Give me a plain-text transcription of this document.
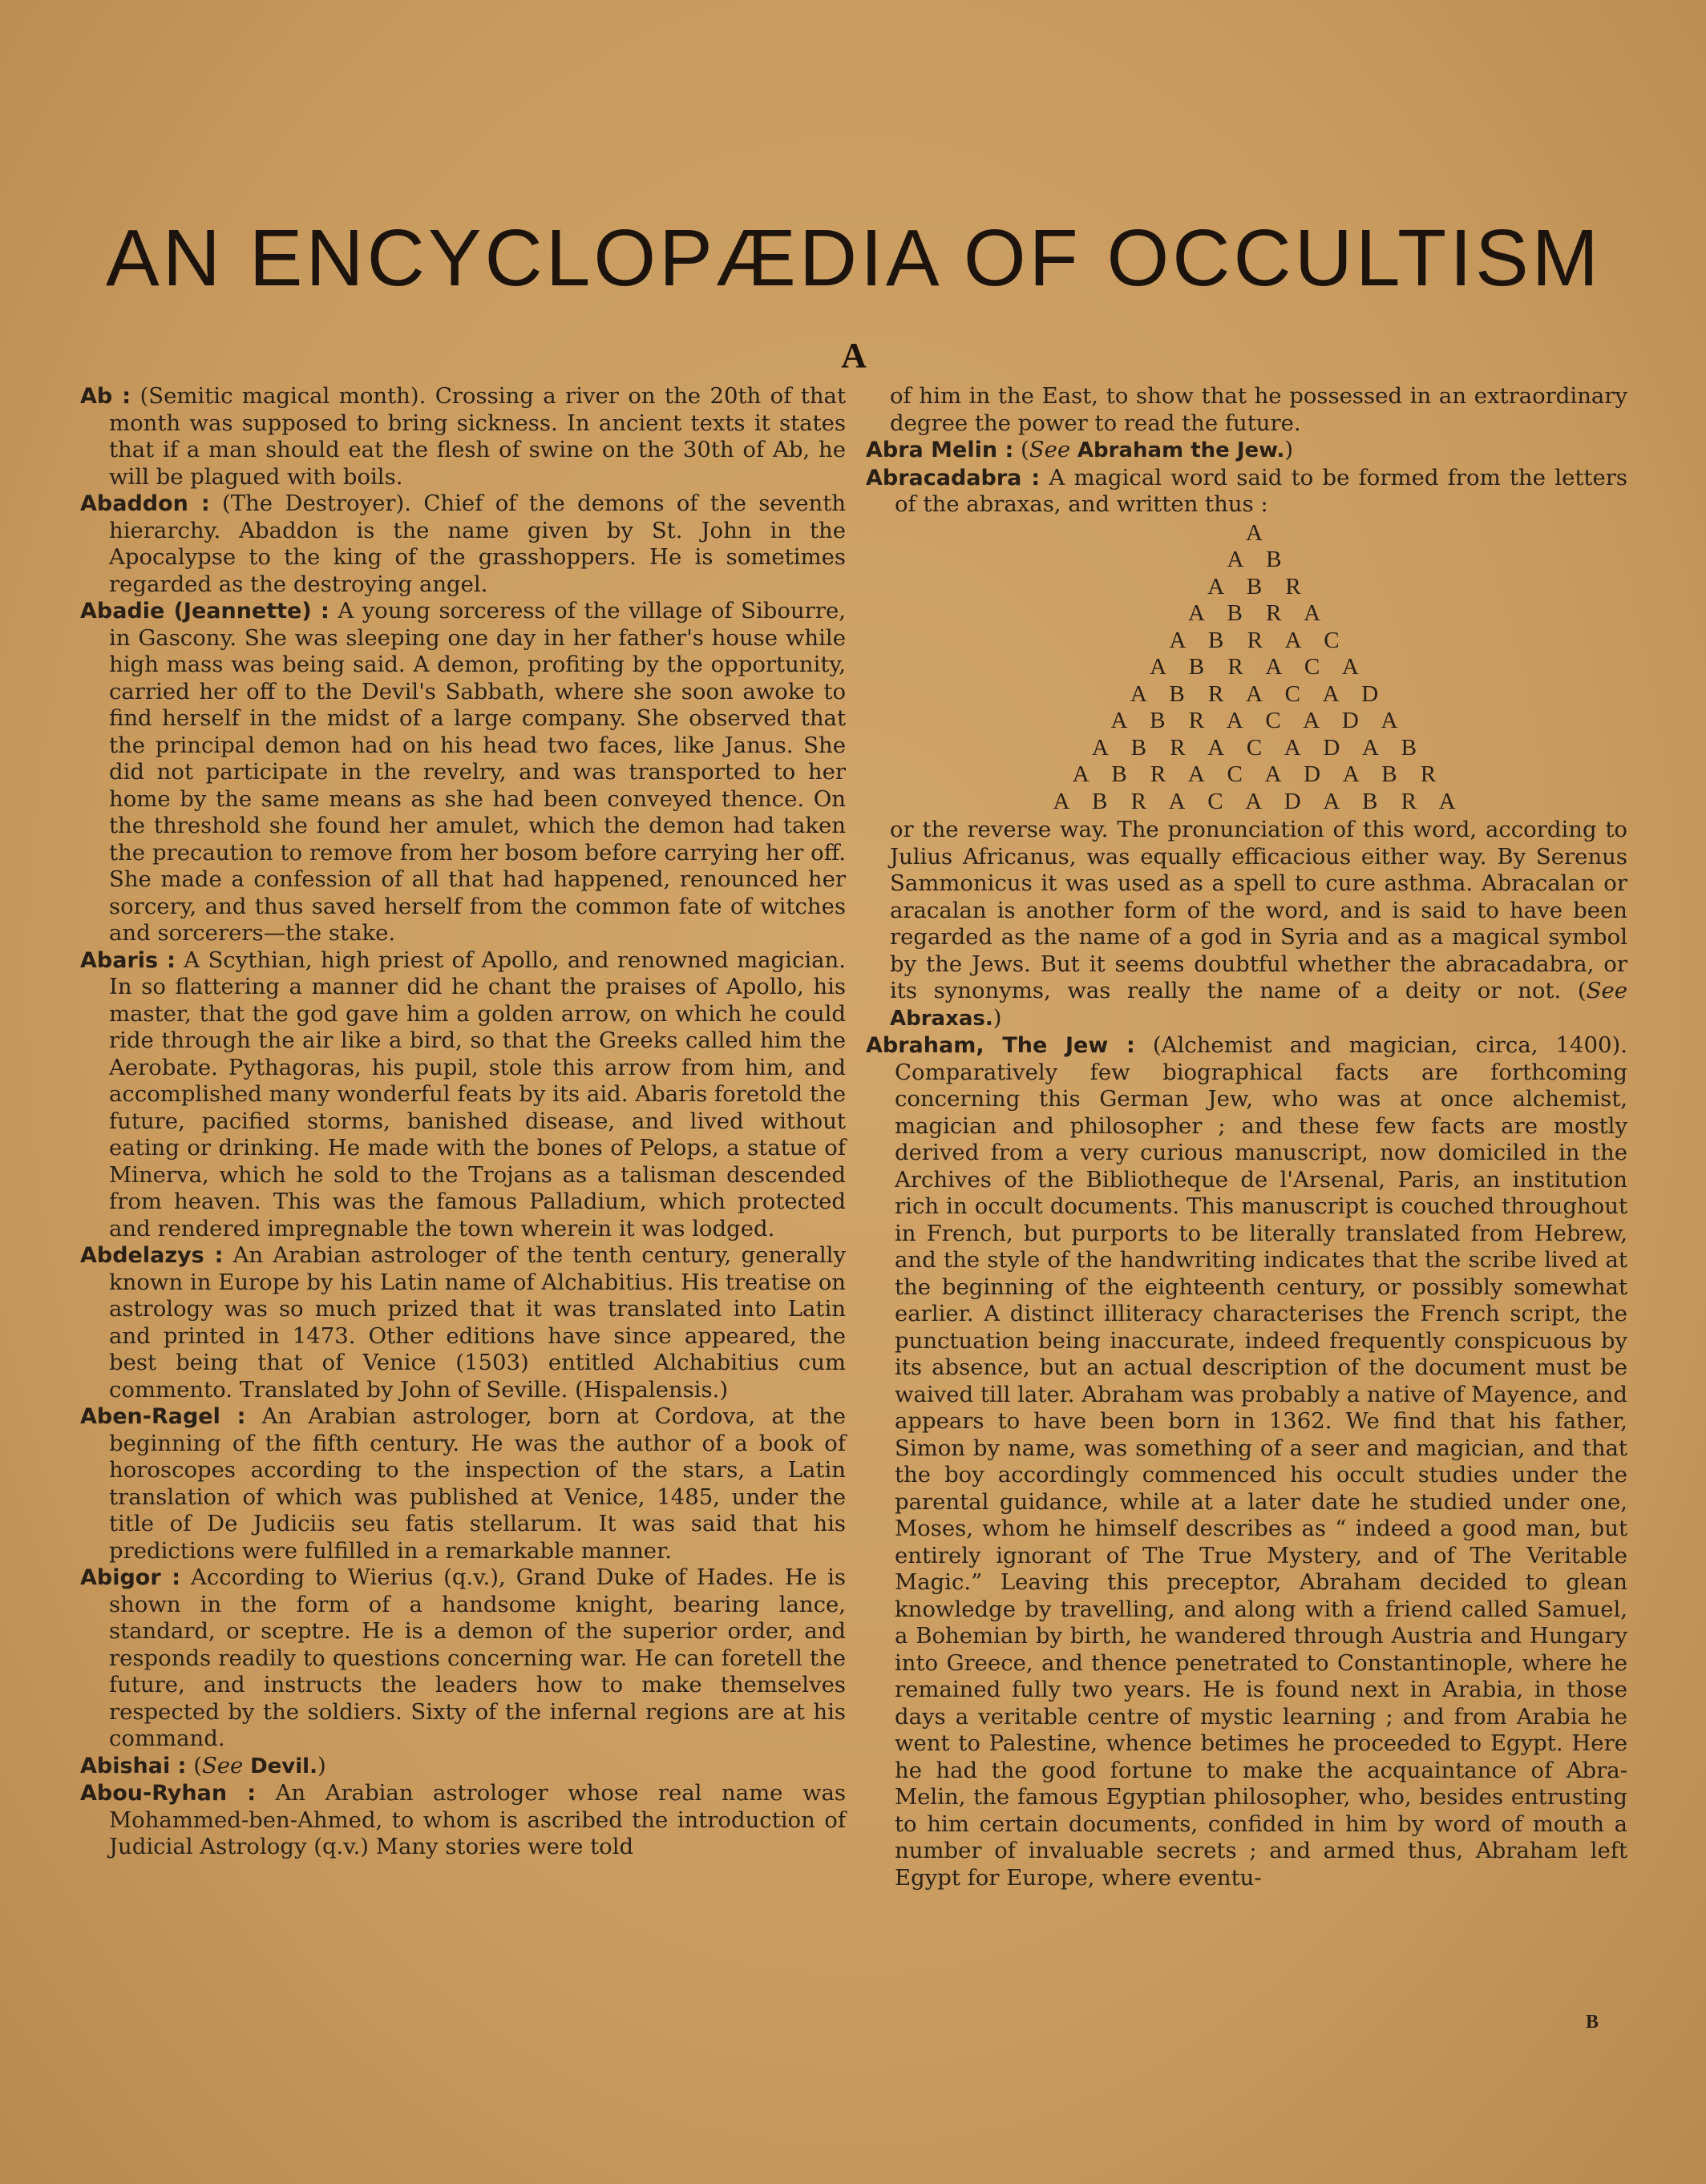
AN ENCYCLOPÆDIA OF OCCULTISM
A

Ab : (Semitic magical month). Crossing a river on the 20th of that month was supposed to bring sickness. In ancient texts it states that if a man should eat the flesh of swine on the 30th of Ab, he will be plagued with boils.

Abaddon : (The Destroyer). Chief of the demons of the seventh hierarchy. Abaddon is the name given by St. John in the Apocalypse to the king of the grasshoppers. He is sometimes regarded as the destroying angel.

Abadie (Jeannette) : A young sorceress of the village of Sibourre, in Gascony. She was sleeping one day in her father's house while high mass was being said. A demon, profiting by the opportunity, carried her off to the Devil's Sabbath, where she soon awoke to find herself in the midst of a large company. She observed that the principal demon had on his head two faces, like Janus. She did not participate in the revelry, and was transported to her home by the same means as she had been conveyed thence. On the threshold she found her amulet, which the demon had taken the precaution to remove from her bosom before carrying her off. She made a confession of all that had happened, renounced her sorcery, and thus saved herself from the common fate of witches and sorcerers—the stake.

Abaris : A Scythian, high priest of Apollo, and renowned magician. In so flattering a manner did he chant the praises of Apollo, his master, that the god gave him a golden arrow, on which he could ride through the air like a bird, so that the Greeks called him the Aerobate. Pythagoras, his pupil, stole this arrow from him, and accomplished many wonderful feats by its aid. Abaris foretold the future, pacified storms, banished disease, and lived without eating or drinking. He made with the bones of Pelops, a statue of Minerva, which he sold to the Trojans as a talisman descended from heaven. This was the famous Palladium, which protected and rendered impregnable the town wherein it was lodged.

Abdelazys : An Arabian astrologer of the tenth century, generally known in Europe by his Latin name of Alchabitius. His treatise on astrology was so much prized that it was translated into Latin and printed in 1473. Other editions have since appeared, the best being that of Venice (1503) entitled Alchabitius cum commento. Translated by John of Seville. (Hispalensis.)

Aben-Ragel : An Arabian astrologer, born at Cordova, at the beginning of the fifth century. He was the author of a book of horoscopes according to the inspection of the stars, a Latin translation of which was published at Venice, 1485, under the title of De Judiciis seu fatis stellarum. It was said that his predictions were fulfilled in a remarkable manner.

Abigor : According to Wierius (q.v.), Grand Duke of Hades. He is shown in the form of a handsome knight, bearing lance, standard, or sceptre. He is a demon of the superior order, and responds readily to questions concerning war. He can foretell the future, and instructs the leaders how to make themselves respected by the soldiers. Sixty of the infernal regions are at his command.

Abishai : (See Devil.)

Abou-Ryhan : An Arabian astrologer whose real name was Mohammed-ben-Ahmed, to whom is ascribed the introduction of Judicial Astrology (q.v.) Many stories were told

of him in the East, to show that he possessed in an extraordinary degree the power to read the future.

Abra Melin : (See Abraham the Jew.)

Abracadabra : A magical word said to be formed from the letters of the abraxas, and written thus :

A
A B
A B R
A B R A
A B R A C
A B R A C A
A B R A C A D
A B R A C A D A
A B R A C A D A B
A B R A C A D A B R
A B R A C A D A B R A

or the reverse way. The pronunciation of this word, according to Julius Africanus, was equally efficacious either way. By Serenus Sammonicus it was used as a spell to cure asthma. Abracalan or aracalan is another form of the word, and is said to have been regarded as the name of a god in Syria and as a magical symbol by the Jews. But it seems doubtful whether the abracadabra, or its synonyms, was really the name of a deity or not. (See Abraxas.)

Abraham, The Jew : (Alchemist and magician, circa, 1400). Comparatively few biographical facts are forthcoming concerning this German Jew, who was at once alchemist, magician and philosopher ; and these few facts are mostly derived from a very curious manuscript, now domiciled in the Archives of the Bibliotheque de l'Arsenal, Paris, an institution rich in occult documents. This manuscript is couched throughout in French, but purports to be literally translated from Hebrew, and the style of the handwriting indicates that the scribe lived at the beginning of the eighteenth century, or possibly somewhat earlier. A distinct illiteracy characterises the French script, the punctuation being inaccurate, indeed frequently conspicuous by its absence, but an actual description of the document must be waived till later. Abraham was probably a native of Mayence, and appears to have been born in 1362. We find that his father, Simon by name, was something of a seer and magician, and that the boy accordingly commenced his occult studies under the parental guidance, while at a later date he studied under one, Moses, whom he himself describes as “ indeed a good man, but entirely ignorant of The True Mystery, and of The Veritable Magic.” Leaving this preceptor, Abraham decided to glean knowledge by travelling, and along with a friend called Samuel, a Bohemian by birth, he wandered through Austria and Hungary into Greece, and thence penetrated to Constantinople, where he remained fully two years. He is found next in Arabia, in those days a veritable centre of mystic learning ; and from Arabia he went to Palestine, whence betimes he proceeded to Egypt. Here he had the good fortune to make the acquaintance of Abra-Melin, the famous Egyptian philosopher, who, besides entrusting to him certain documents, confided in him by word of mouth a number of invaluable secrets ; and armed thus, Abraham left Egypt for Europe, where eventu-

B
